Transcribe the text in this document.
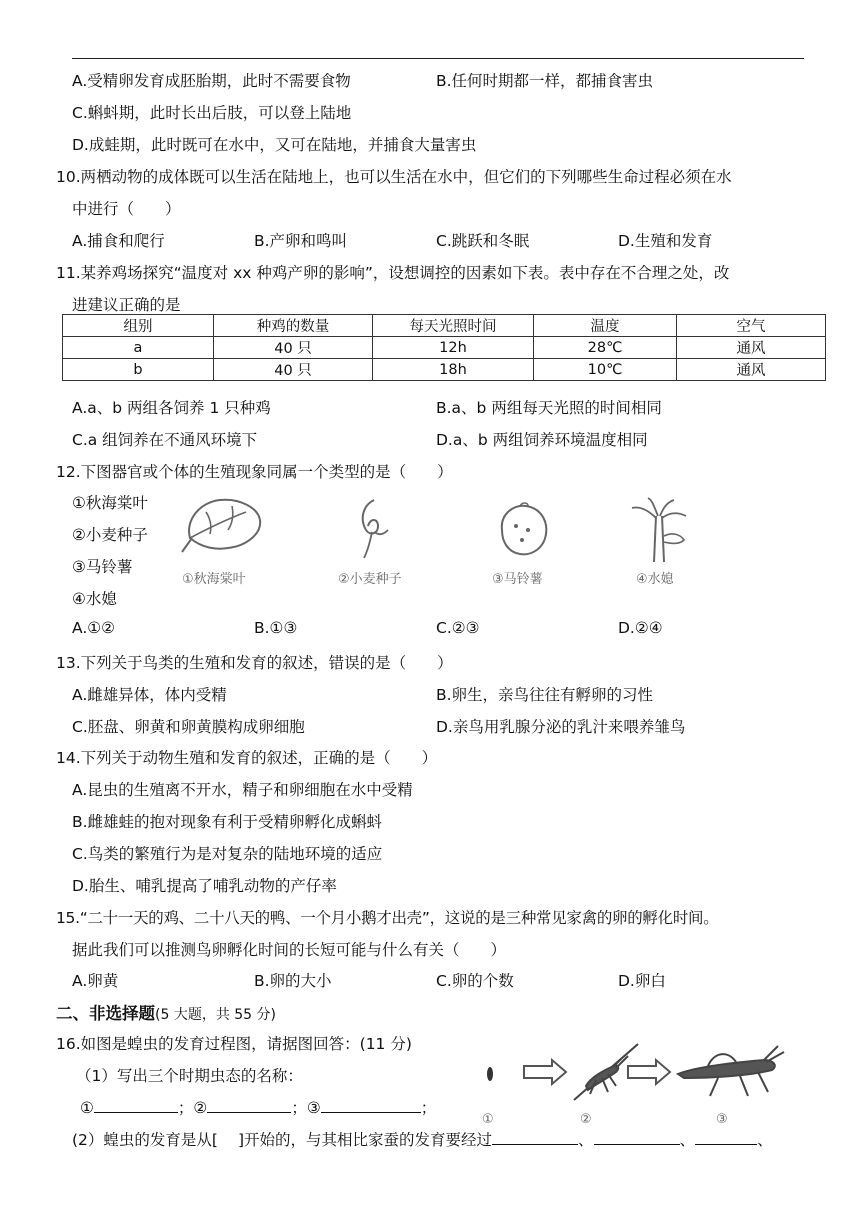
A.受精卵发育成胚胎期，此时不需要食物	B.任何时期都一样，都捕食害虫
C.蝌蚪期，此时长出后肢，可以登上陆地
D.成蛙期，此时既可在水中，又可在陆地，并捕食大量害虫
10.两栖动物的成体既可以生活在陆地上，也可以生活在水中，但它们的下列哪些生命过程必须在水
中进行（　　）
A.捕食和爬行	B.产卵和鸣叫	C.跳跃和冬眠	D.生殖和发育
11.某养鸡场探究“温度对 xx 种鸡产卵的影响”，设想调控的因素如下表。表中存在不合理之处，改
进建议正确的是
组别	种鸡的数量	每天光照时间	温度	空气
a	40 只	12h	28℃	通风
b	40 只	18h	10℃	通风
A.a、b 两组各饲养 1 只种鸡	B.a、b 两组每天光照的时间相同
C.a 组饲养在不通风环境下	D.a、b 两组饲养环境温度相同
12.下图器官或个体的生殖现象同属一个类型的是（　　）
①秋海棠叶
②小麦种子
③马铃薯
④水媳
①秋海棠叶	②小麦种子	③马铃薯	④水媳
A.①②	B.①③	C.②③	D.②④
13.下列关于鸟类的生殖和发育的叙述，错误的是（　　）
A.雌雄异体，体内受精	B.卵生，亲鸟往往有孵卵的习性
C.胚盘、卵黄和卵黄膜构成卵细胞	D.亲鸟用乳腺分泌的乳汁来喂养雏鸟
14.下列关于动物生殖和发育的叙述，正确的是（　　）
A.昆虫的生殖离不开水，精子和卵细胞在水中受精
B.雌雄蛙的抱对现象有利于受精卵孵化成蝌蚪
C.鸟类的繁殖行为是对复杂的陆地环境的适应
D.胎生、哺乳提高了哺乳动物的产仔率
15.“二十一天的鸡、二十八天的鸭、一个月小鹅才出壳”，这说的是三种常见家禽的卵的孵化时间。
据此我们可以推测鸟卵孵化时间的长短可能与什么有关（　　）
A.卵黄	B.卵的大小	C.卵的个数	D.卵白
二、非选择题(5 大题，共 55 分)
16.如图是蝗虫的发育过程图，请据图回答：(11 分)
（1）写出三个时期虫态的名称：
①	；②	；③	；
(2）蝗虫的发育是从[ ]开始的，与其相比家蚕的发育要经过	、	、	、
①	②	③
